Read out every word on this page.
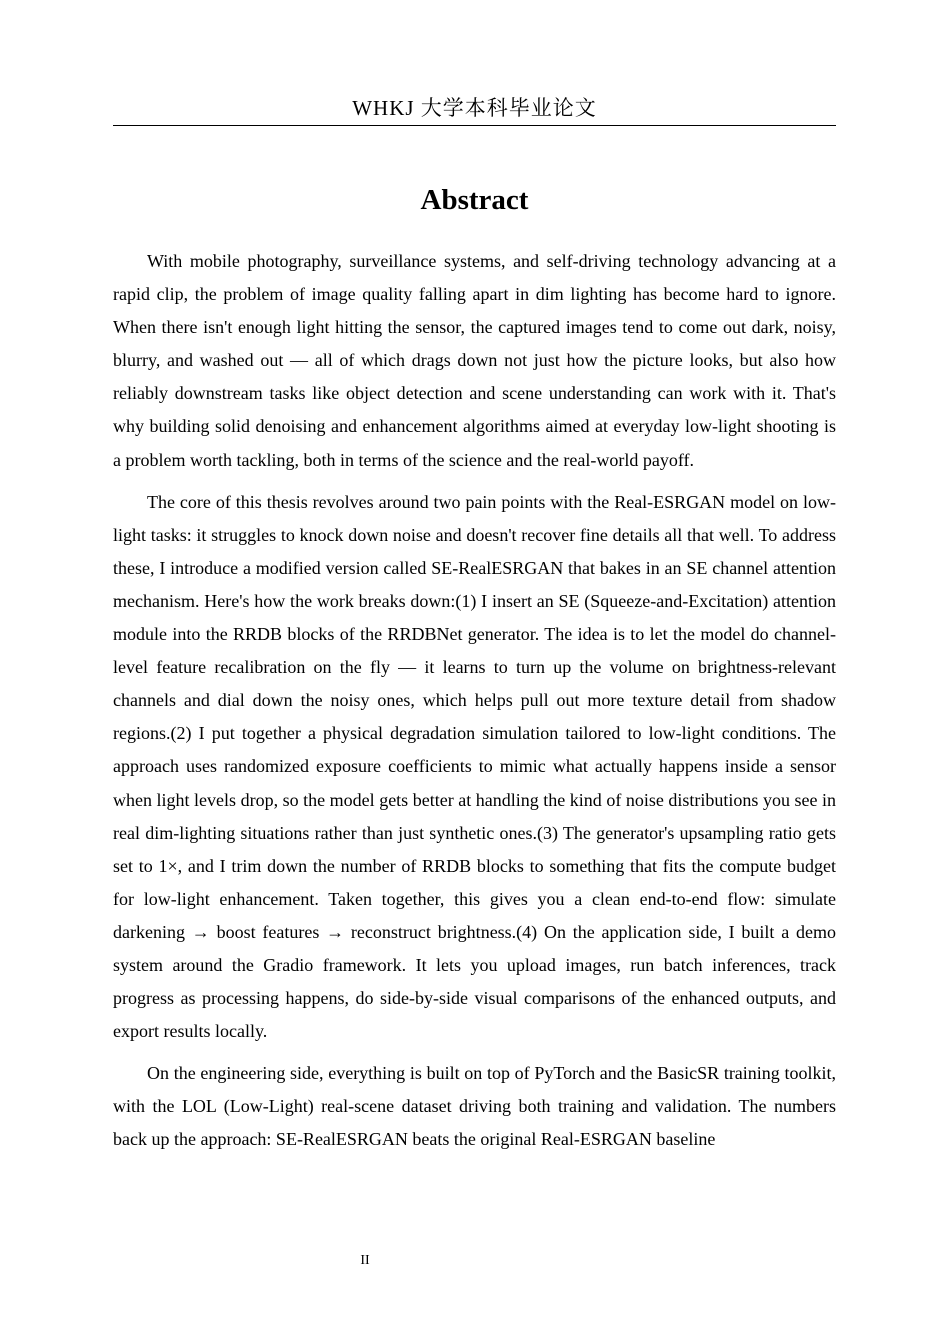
WHKJ 大学本科毕业论文
Abstract

With mobile photography, surveillance systems, and self-driving technology advancing at a rapid clip, the problem of image quality falling apart in dim lighting has become hard to ignore. When there isn't enough light hitting the sensor, the captured images tend to come out dark, noisy, blurry, and washed out — all of which drags down not just how the picture looks, but also how reliably downstream tasks like object detection and scene understanding can work with it. That's why building solid denoising and enhancement algorithms aimed at everyday low-light shooting is a problem worth tackling, both in terms of the science and the real-world payoff.

The core of this thesis revolves around two pain points with the Real-ESRGAN model on low-light tasks: it struggles to knock down noise and doesn't recover fine details all that well. To address these, I introduce a modified version called SE-RealESRGAN that bakes in an SE channel attention mechanism. Here's how the work breaks down:(1) I insert an SE (Squeeze-and-Excitation) attention module into the RRDB blocks of the RRDBNet generator. The idea is to let the model do channel-level feature recalibration on the fly — it learns to turn up the volume on brightness-relevant channels and dial down the noisy ones, which helps pull out more texture detail from shadow regions.(2) I put together a physical degradation simulation tailored to low-light conditions. The approach uses randomized exposure coefficients to mimic what actually happens inside a sensor when light levels drop, so the model gets better at handling the kind of noise distributions you see in real dim-lighting situations rather than just synthetic ones.(3) The generator's upsampling ratio gets set to 1×, and I trim down the number of RRDB blocks to something that fits the compute budget for low-light enhancement. Taken together, this gives you a clean end-to-end flow: simulate darkening → boost features → reconstruct brightness.(4) On the application side, I built a demo system around the Gradio framework. It lets you upload images, run batch inferences, track progress as processing happens, do side-by-side visual comparisons of the enhanced outputs, and export results locally.

On the engineering side, everything is built on top of PyTorch and the BasicSR training toolkit, with the LOL (Low-Light) real-scene dataset driving both training and validation. The numbers back up the approach: SE-RealESRGAN beats the original Real-ESRGAN baseline

II
